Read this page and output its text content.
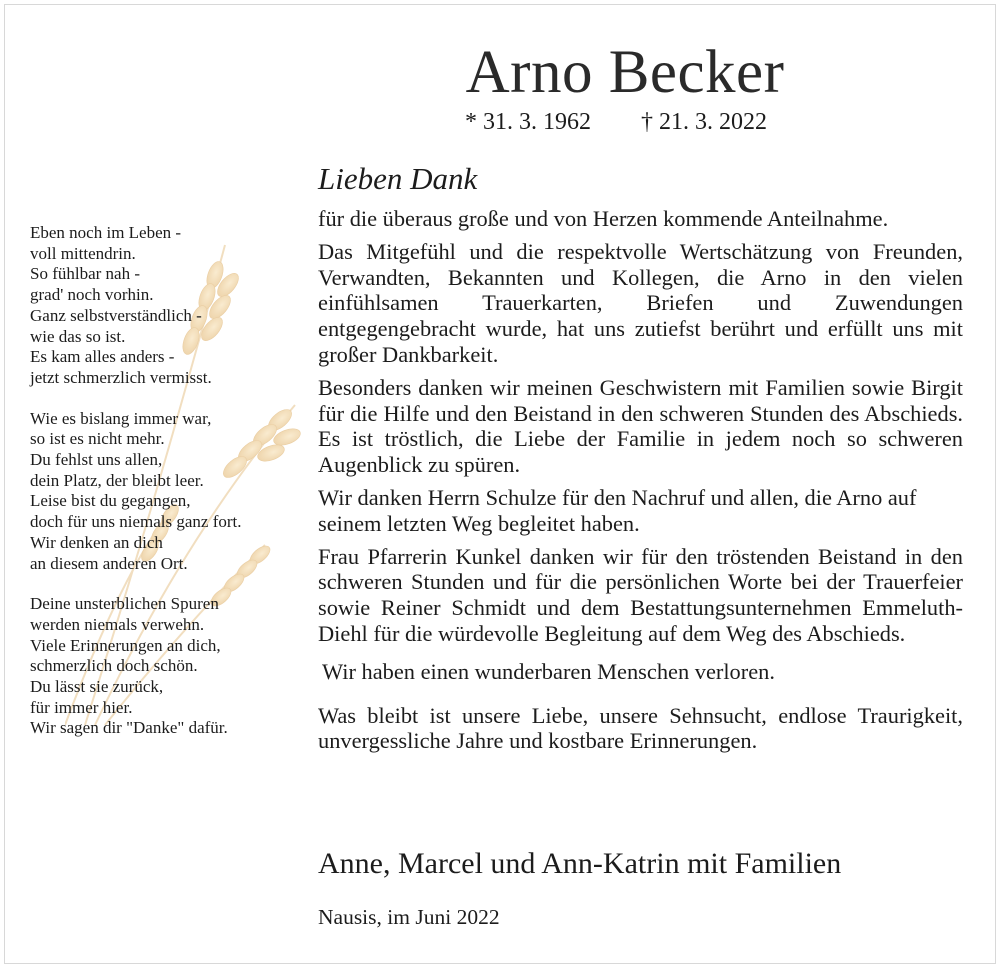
Arno Becker
* 31. 3. 1962 † 21. 3. 2022
Lieben Dank

für die überaus große und von Herzen kommende Anteilnahme.

Das Mitgefühl und die respektvolle Wertschätzung von Freunden, Verwandten, Bekannten und Kollegen, die Arno in den vielen einfühlsamen Trauerkarten, Briefen und Zuwendungen entgegengebracht wurde, hat uns zutiefst berührt und erfüllt uns mit großer Dankbarkeit.

Besonders danken wir meinen Geschwistern mit Familien sowie Birgit für die Hilfe und den Beistand in den schweren Stunden des Abschieds. Es ist tröstlich, die Liebe der Familie in jedem noch so schweren Augenblick zu spüren.

Wir danken Herrn Schulze für den Nachruf und allen, die Arno auf seinem letzten Weg begleitet haben.

Frau Pfarrerin Kunkel danken wir für den tröstenden Beistand in den schweren Stunden und für die persönlichen Worte bei der Trauerfeier sowie Reiner Schmidt und dem Bestattungsunternehmen Emmeluth-Diehl für die würdevolle Begleitung auf dem Weg des Abschieds.

Wir haben einen wunderbaren Menschen verloren.

Was bleibt ist unsere Liebe, unsere Sehnsucht, endlose Traurigkeit, unvergessliche Jahre und kostbare Erinnerungen.

Anne, Marcel und Ann-Katrin mit Familien
Nausis, im Juni 2022
Eben noch im Leben -
voll mittendrin.
So fühlbar nah -
grad' noch vorhin.
Ganz selbstverständlich -
wie das so ist.
Es kam alles anders -
jetzt schmerzlich vermisst.
Wie es bislang immer war,
so ist es nicht mehr.
Du fehlst uns allen,
dein Platz, der bleibt leer.
Leise bist du gegangen,
doch für uns niemals ganz fort.
Wir denken an dich
an diesem anderen Ort.
Deine unsterblichen Spuren
werden niemals verwehn.
Viele Erinnerungen an dich,
schmerzlich doch schön.
Du lässt sie zurück,
für immer hier.
Wir sagen dir "Danke" dafür.
